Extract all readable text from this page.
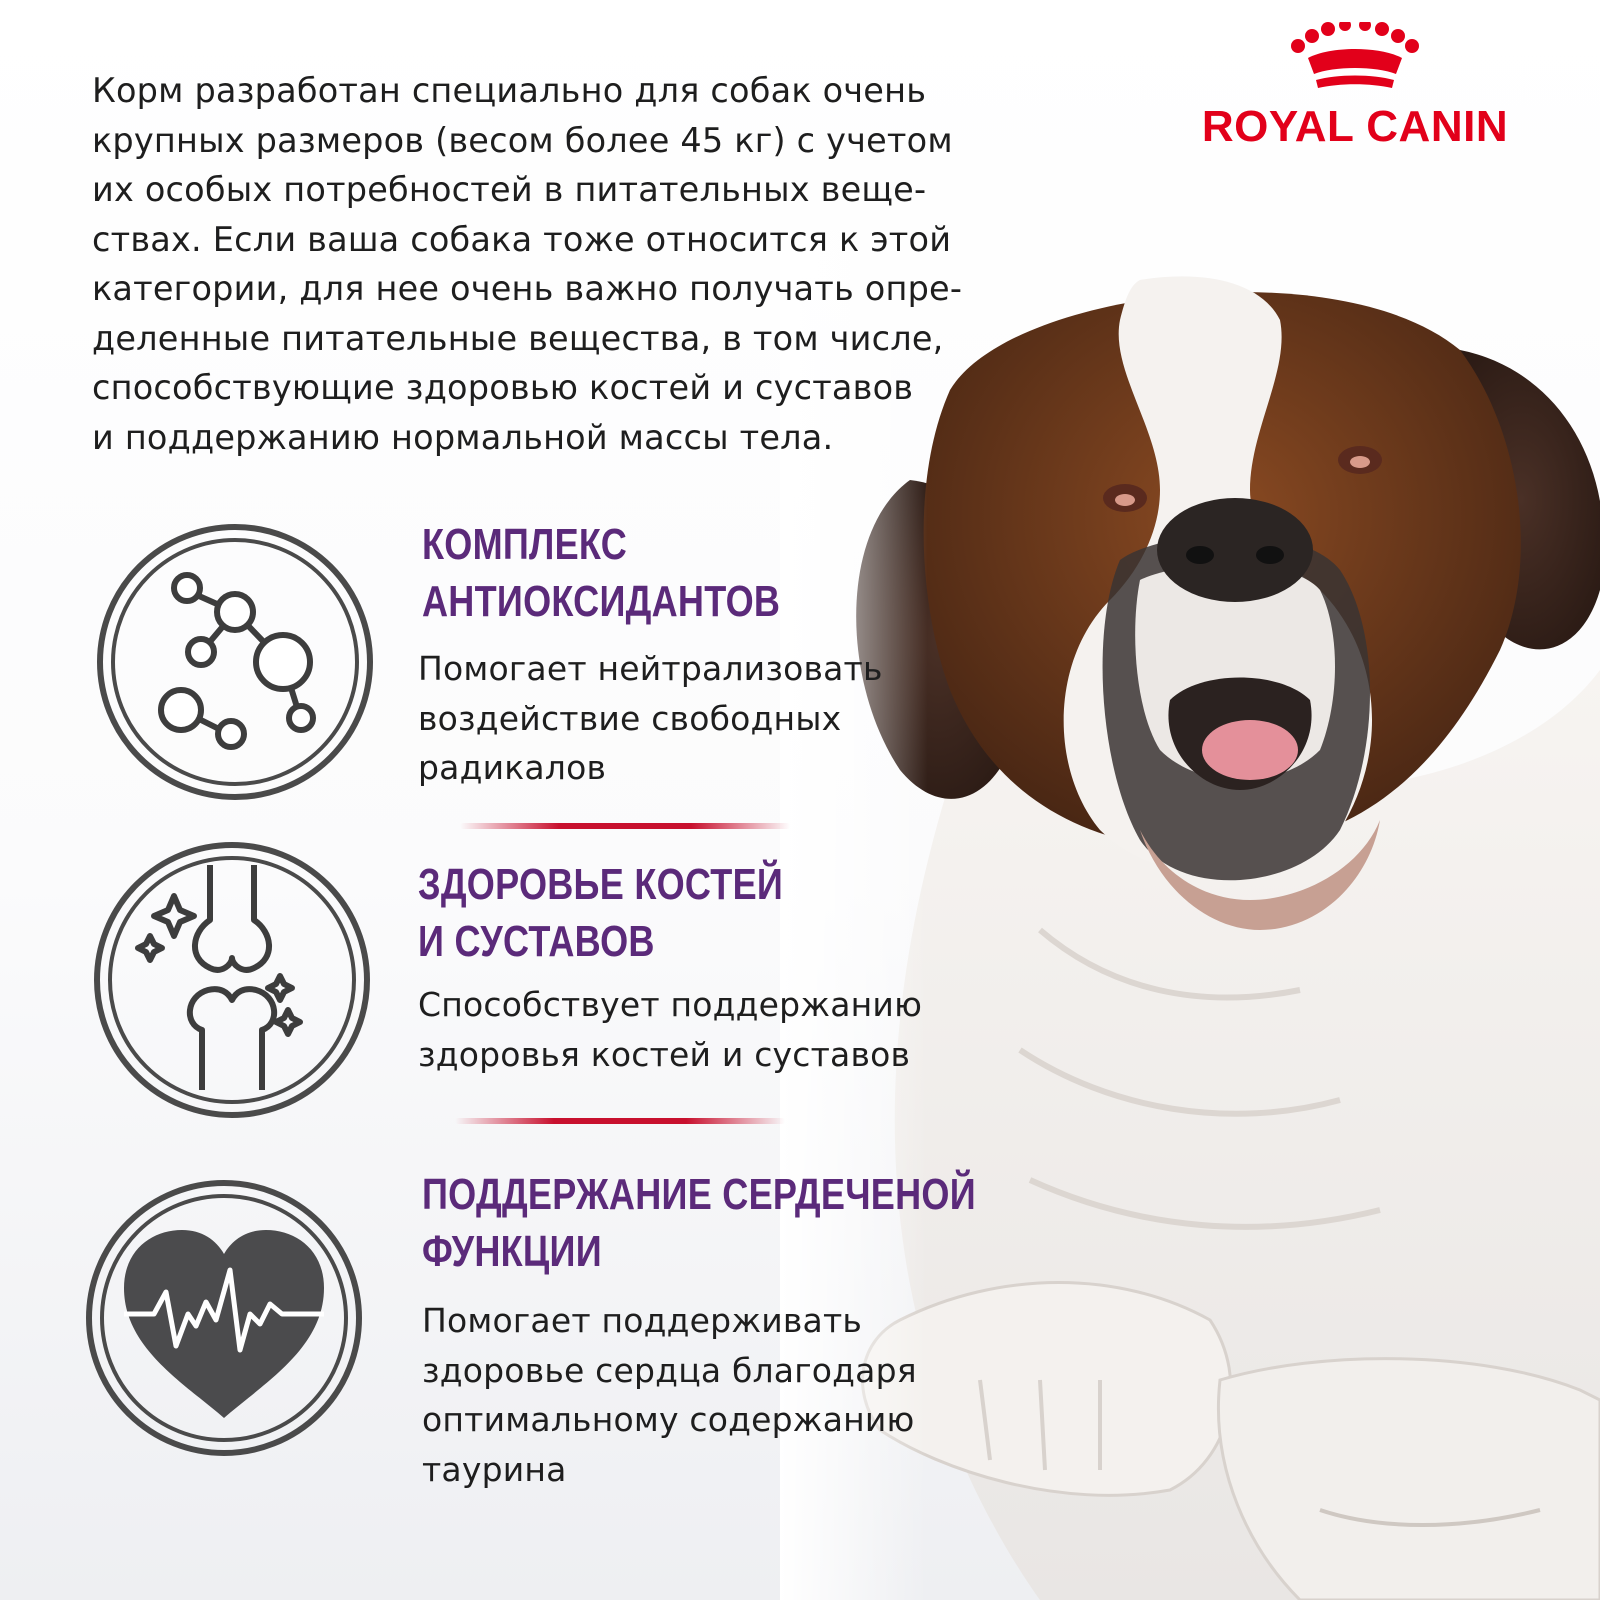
Корм разработан специально для собак очень
крупных размеров (весом более 45 кг) с учетом
их особых потребностей в питательных веще-
ствах. Если ваша собака тоже относится к этой
категории, для нее очень важно получать опре-
деленные питательные вещества, в том числе,
способствующие здоровью костей и суставов
и поддержанию нормальной массы тела.
ROYAL CANIN
КОМПЛЕКС
АНТИОКСИДАНТОВ
Помогает нейтрализовать
воздействие свободных
радикалов
ЗДОРОВЬЕ КОСТЕЙ
И СУСТАВОВ
Способствует поддержанию
здоровья костей и суставов
ПОДДЕРЖАНИЕ СЕРДЕЧЕНОЙ
ФУНКЦИИ
Помогает поддерживать
здоровье сердца благодаря
оптимальному содержанию
таурина
